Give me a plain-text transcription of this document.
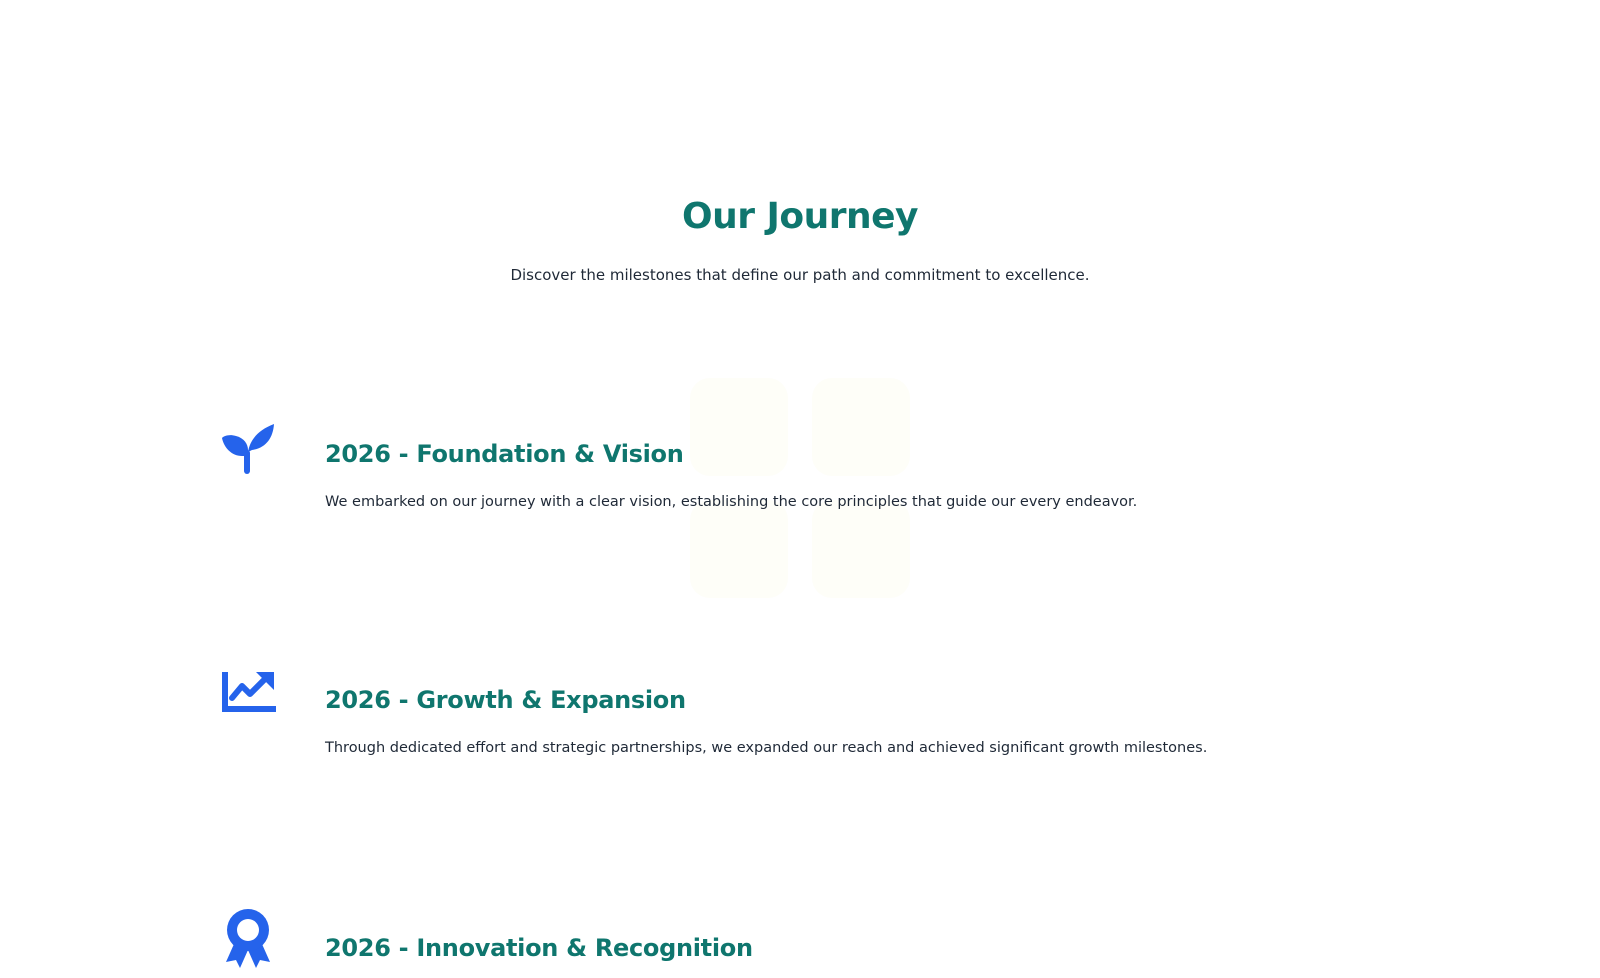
Our Journey

Discover the milestones that define our path and commitment to excellence.

2026 - Foundation & Vision

We embarked on our journey with a clear vision, establishing the core principles that guide our every endeavor.

2026 - Growth & Expansion

Through dedicated effort and strategic partnerships, we expanded our reach and achieved significant growth milestones.

2026 - Innovation & Recognition
